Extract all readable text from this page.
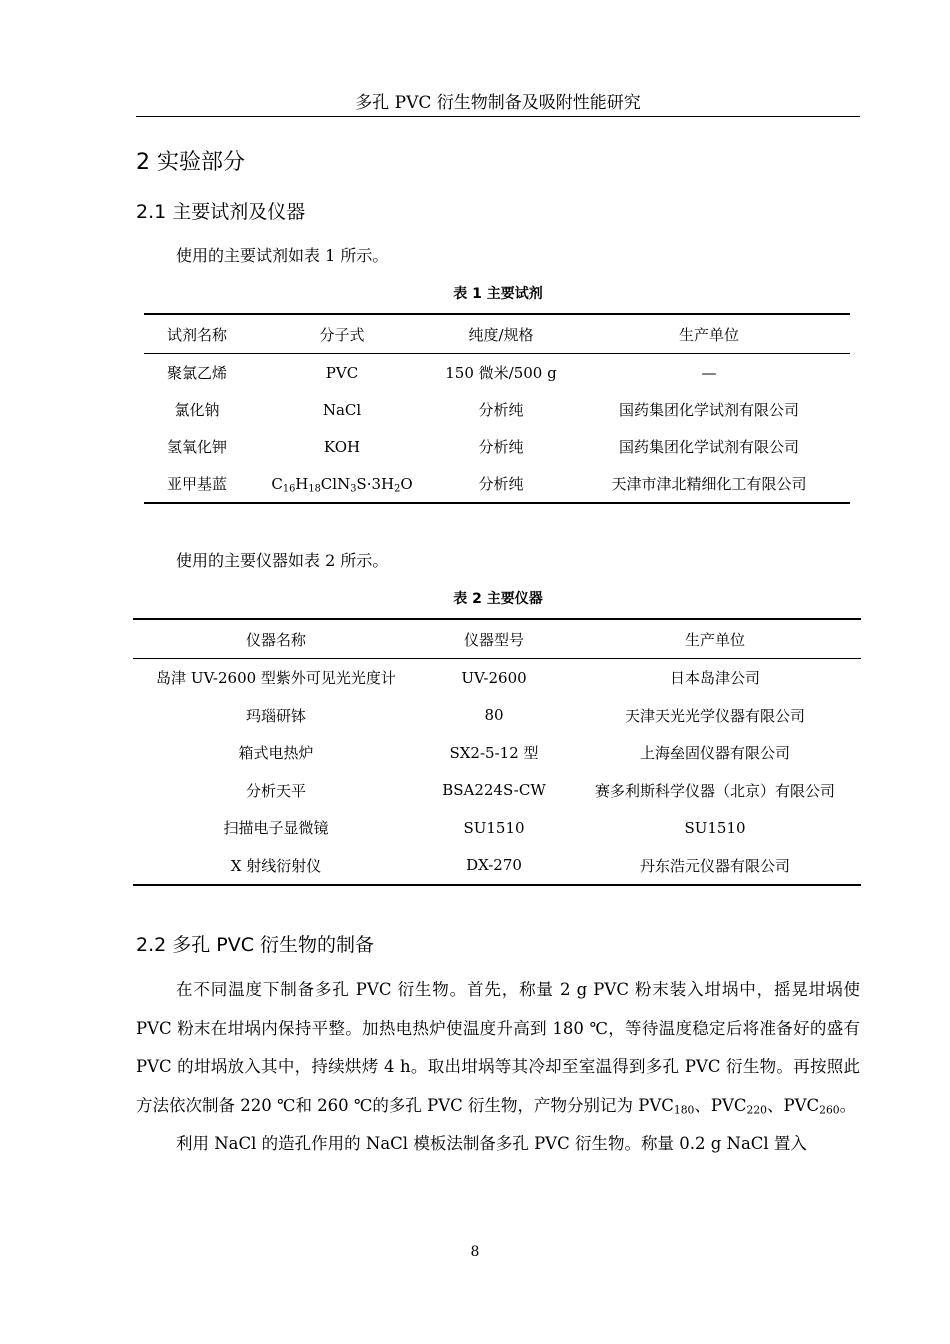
多孔 PVC 衍生物制备及吸附性能研究
2 实验部分
2.1 主要试剂及仪器
使用的主要试剂如表 1 所示。
表 1 主要试剂
试剂名称	分子式	纯度/规格	生产单位
聚氯乙烯	PVC	150 微米/500 g	—
氯化钠	NaCl	分析纯	国药集团化学试剂有限公司
氢氧化钾	KOH	分析纯	国药集团化学试剂有限公司
亚甲基蓝	$C_{16}H_{18}ClN_3S\cdot 3H_2O$	分析纯	天津市津北精细化工有限公司
使用的主要仪器如表 2 所示。
表 2 主要仪器
仪器名称	仪器型号	生产单位
岛津 UV-2600 型紫外可见光光度计	UV-2600	日本岛津公司
玛瑙研钵	80	天津天光光学仪器有限公司
箱式电热炉	SX2-5-12 型	上海垒固仪器有限公司
分析天平	BSA224S-CW	赛多利斯科学仪器（北京）有限公司
扫描电子显微镜	SU1510	SU1510
X 射线衍射仪	DX-270	丹东浩元仪器有限公司
2.2 多孔 PVC 衍生物的制备

在不同温度下制备多孔 PVC 衍生物。首先，称量 2 g PVC 粉末装入坩埚中，摇晃坩埚使 PVC 粉末在坩埚内保持平整。加热电热炉使温度升高到 180 ℃，等待温度稳定后将准备好的盛有 PVC 的坩埚放入其中，持续烘烤 4 h。取出坩埚等其冷却至室温得到多孔 PVC 衍生物。再按照此方法依次制备 220 ℃和 260 ℃的多孔 PVC 衍生物，产物分别记为 $PVC_{180}$、$PVC_{220}$、$PVC_{260}$。

利用 NaCl 的造孔作用的 NaCl 模板法制备多孔 PVC 衍生物。称量 0.2 g NaCl 置入

8
